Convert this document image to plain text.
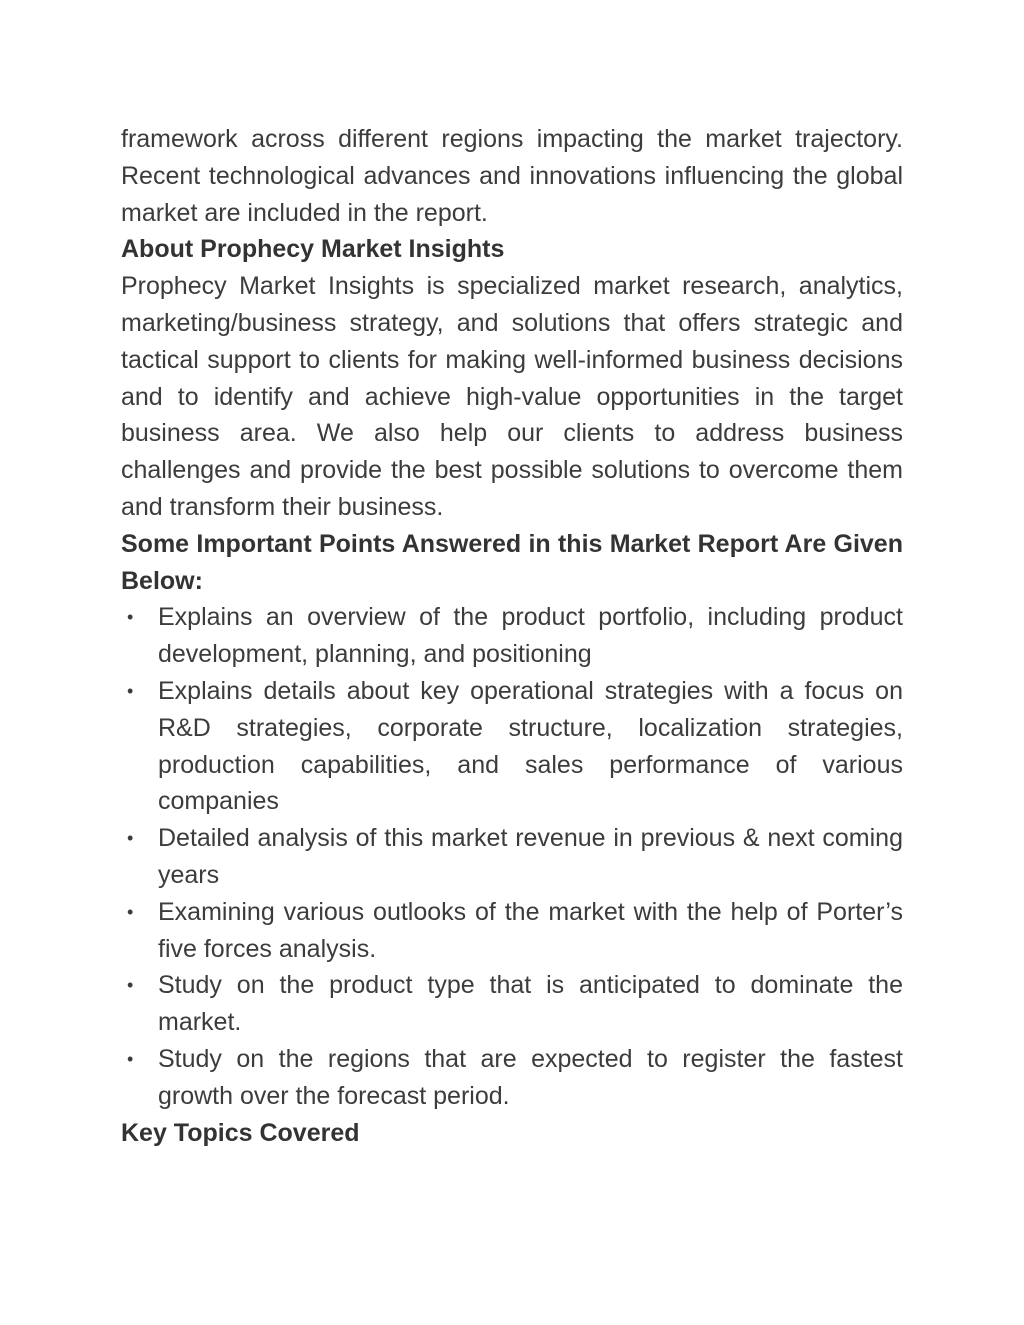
framework across different regions impacting the market trajectory. Recent technological advances and innovations influencing the global market are included in the report.

About Prophecy Market Insights

Prophecy Market Insights is specialized market research, analytics, marketing/business strategy, and solutions that offers strategic and tactical support to clients for making well-informed business decisions and to identify and achieve high-value opportunities in the target business area. We also help our clients to address business challenges and provide the best possible solutions to overcome them and transform their business.

Some Important Points Answered in this Market Report Are Given Below:
• Explains an overview of the product portfolio, including product development, planning, and positioning
• Explains details about key operational strategies with a focus on R&D strategies, corporate structure, localization strategies, production capabilities, and sales performance of various companies
• Detailed analysis of this market revenue in previous & next coming years
• Examining various outlooks of the market with the help of Porter’s five forces analysis.
• Study on the product type that is anticipated to dominate the market.
• Study on the regions that are expected to register the fastest growth over the forecast period.
Key Topics Covered
